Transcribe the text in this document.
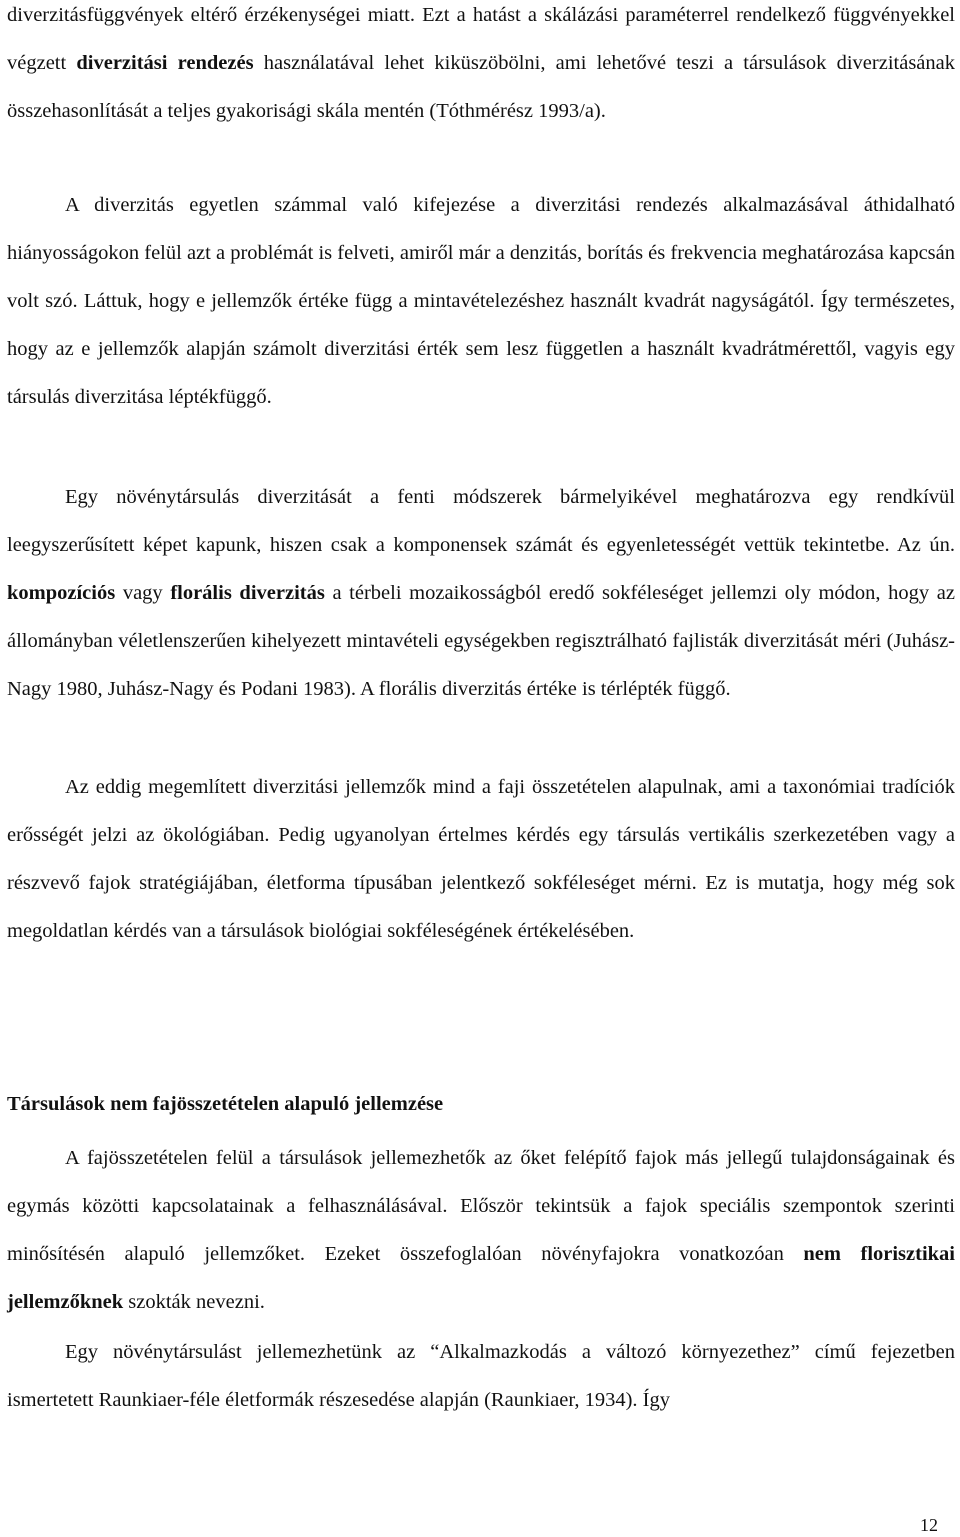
diverzitásfüggvények eltérő érzékenységei miatt. Ezt a hatást a skálázási paraméterrel rendelkező függvényekkel végzett diverzitási rendezés használatával lehet kiküszöbölni, ami lehetővé teszi a társulások diverzitásának összehasonlítását a teljes gyakorisági skála mentén (Tóthmérész 1993/a).

A diverzitás egyetlen számmal való kifejezése a diverzitási rendezés alkalmazásával áthidalható hiányosságokon felül azt a problémát is felveti, amiről már a denzitás, borítás és frekvencia meghatározása kapcsán volt szó. Láttuk, hogy e jellemzők értéke függ a mintavételezéshez használt kvadrát nagyságától. Így természetes, hogy az e jellemzők alapján számolt diverzitási érték sem lesz független a használt kvadrátmérettől, vagyis egy társulás diverzitása léptékfüggő.

Egy növénytársulás diverzitását a fenti módszerek bármelyikével meghatározva egy rendkívül leegyszerűsített képet kapunk, hiszen csak a komponensek számát és egyenletességét vettük tekintetbe. Az ún. kompozíciós vagy florális diverzitás a térbeli mozaikosságból eredő sokféleséget jellemzi oly módon, hogy az állományban véletlenszerűen kihelyezett mintavételi egységekben regisztrálható fajlisták diverzitását méri (Juhász-Nagy 1980, Juhász-Nagy és Podani 1983). A florális diverzitás értéke is térlépték függő.

Az eddig megemlített diverzitási jellemzők mind a faji összetételen alapulnak, ami a taxonómiai tradíciók erősségét jelzi az ökológiában. Pedig ugyanolyan értelmes kérdés egy társulás vertikális szerkezetében vagy a részvevő fajok stratégiájában, életforma típusában jelentkező sokféleséget mérni. Ez is mutatja, hogy még sok megoldatlan kérdés van a társulások biológiai sokféleségének értékelésében.

Társulások nem fajösszetételen alapuló jellemzése

A fajösszetételen felül a társulások jellemezhetők az őket felépítő fajok más jellegű tulajdonságainak és egymás közötti kapcsolatainak a felhasználásával. Először tekintsük a fajok speciális szempontok szerinti minősítésén alapuló jellemzőket. Ezeket összefoglalóan növényfajokra vonatkozóan nem florisztikai jellemzőknek szokták nevezni.

Egy növénytársulást jellemezhetünk az “Alkalmazkodás a változó környezethez” című fejezetben ismertetett Raunkiaer-féle életformák részesedése alapján (Raunkiaer, 1934). Így

12
